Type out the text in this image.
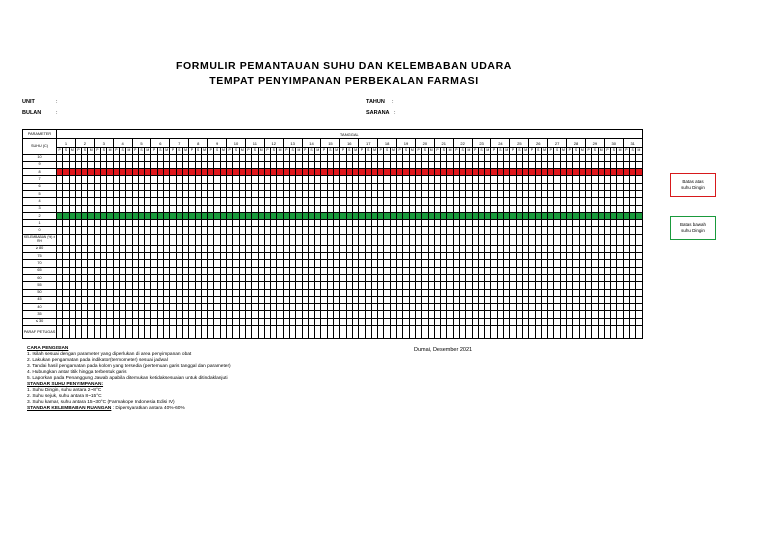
FORMULIR PEMANTAUAN SUHU DAN KELEMBABAN UDARA
TEMPAT PENYIMPANAN PERBEKALAN FARMASI
UNIT	:
BULAN	:
TAHUN :
SARANA :
PARAMETER	TANGGAL
SUHU (C)	1	2	3	4	5	6	7	8	9	10	11	12	13	14	15	16	17	18	19	20	21	22	23	24	25	26	27	28	29	30	31
P	S	M	P	S	M	P	S	M	P	S	M	P	S	M	P	S	M	P	S	M	P	S	M	P	S	M	P	S	M	P	S	M	P	S	M	P	S	M	P	S	M	P	S	M	P	S	M	P	S	M	P	S	M	P	S	M	P	S	M	P	S	M	P	S	M	P	S	M	P	S	M	P	S	M	P	S	M	P	S	M	P	S	M	P	S	M	P	S	M	P	S	M
10																																																																																													
9																																																																																													
8																																																																																													
7																																																																																													
6																																																																																													
5																																																																																													
4																																																																																													
3																																																																																													
2																																																																																													
1																																																																																													
0																																																																																													
KELEMBABAN (%) ± RH																																																																																													
≥ 80																																																																																													
75																																																																																													
70																																																																																													
65																																																																																													
60																																																																																													
55																																																																																													
50																																																																																													
45																																																																																													
40																																																																																													
35																																																																																													
≤ 30																																																																																													
PARAF PETUGAS																																																																																													
Batas atas
suhu Dingin
Batas bawah
suhu Dingin
CARA PENGISIAN
1. Isilah sesuai dengan parameter yang diperlukan di area penyimpanan obat
2. Lakukan pengamatan pada indikator(termometer) sesuai jadwal
3. Tandai hasil pengamatan pada kolom yang tersedia (pertemuan garis tanggal dan parameter)
4. Hubungkan antar titik hingga terbentuk garis
5. Laporkan pada Penanggung Jawab apabila ditemukan ketidaksesuaian untuk ditindaklanjuti
STANDAR SUHU PENYIMPANAN:
1. Suhu Dingin, suhu antara 2~8°C
2. Suhu sejuk, suhu antara 8~15°C
3. Suhu kamar, suhu antara 15~30°C (Farmakope Indonesia Edisi IV)
STANDAR KELEMBABAN RUANGAN : Dipersyaratkan antara 40%-60%
Dumai, Desember 2021
